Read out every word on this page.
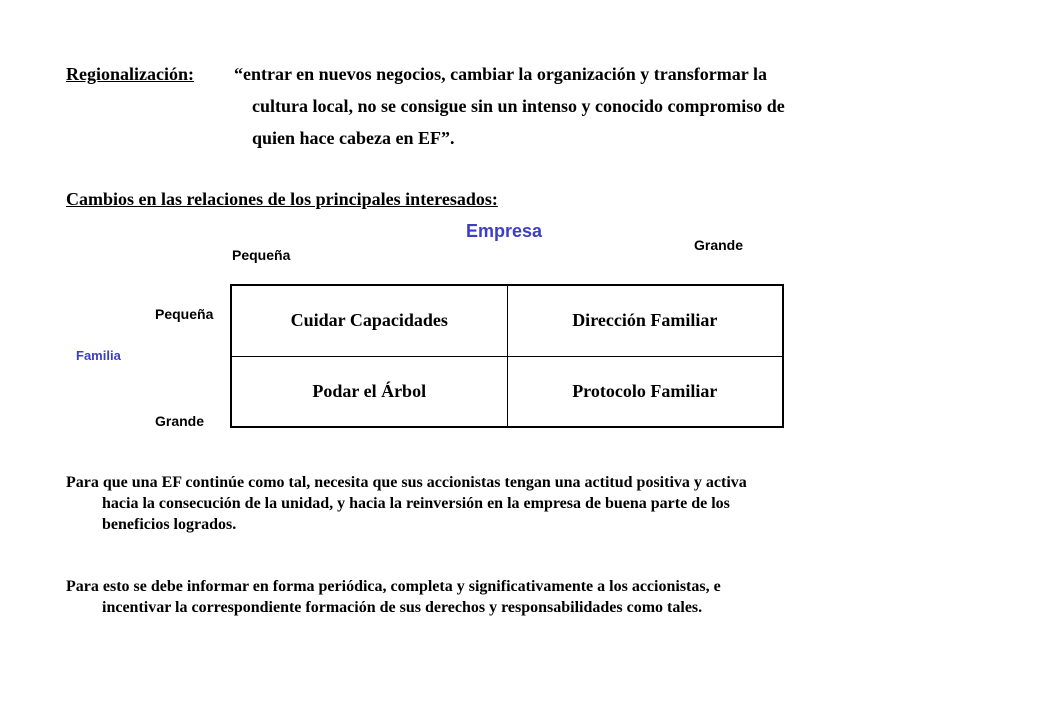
Regionalización: “entrar en nuevos negocios, cambiar la organización y transformar la
cultura local, no se consigue sin un intenso y conocido compromiso de
quien hace cabeza en EF”.
Cambios en las relaciones de los principales interesados:
Empresa
Pequeña
Grande
Pequeña
Familia
Grande
Cuidar Capacidades	Dirección Familiar
Podar el Árbol	Protocolo Familiar
Para que una EF continúe como tal, necesita que sus accionistas tengan una actitud positiva y activa
hacia la consecución de la unidad, y hacia la reinversión en la empresa de buena parte de los
beneficios logrados.
Para esto se debe informar en forma periódica, completa y significativamente a los accionistas, e
incentivar la correspondiente formación de sus derechos y responsabilidades como tales.
